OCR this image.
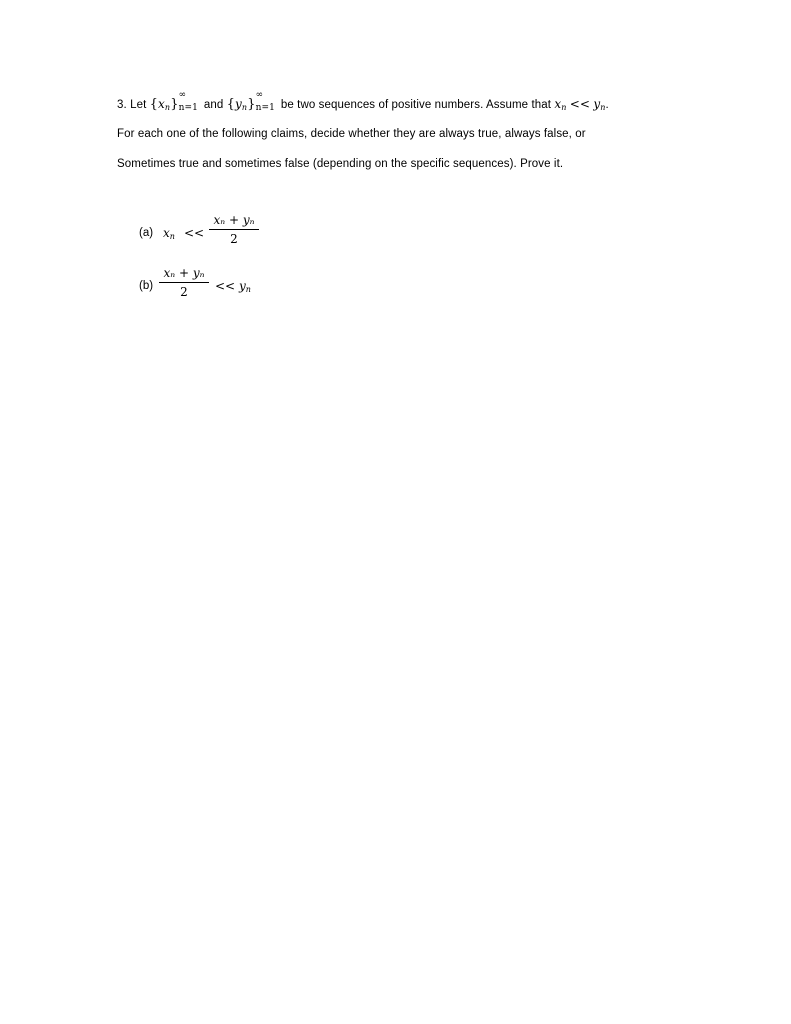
3. Let {xn}
∞
n=1 and {yn}
∞
n=1 be two sequences of positive numbers. Assume that xn << yn.
For each one of the following claims, decide whether they are always true, always false, or
Sometimes true and sometimes false (depending on the specific sequences). Prove it.
(a) xn <<
xₙ + yₙ
2
(b)
xₙ + yₙ
2	<< yn
